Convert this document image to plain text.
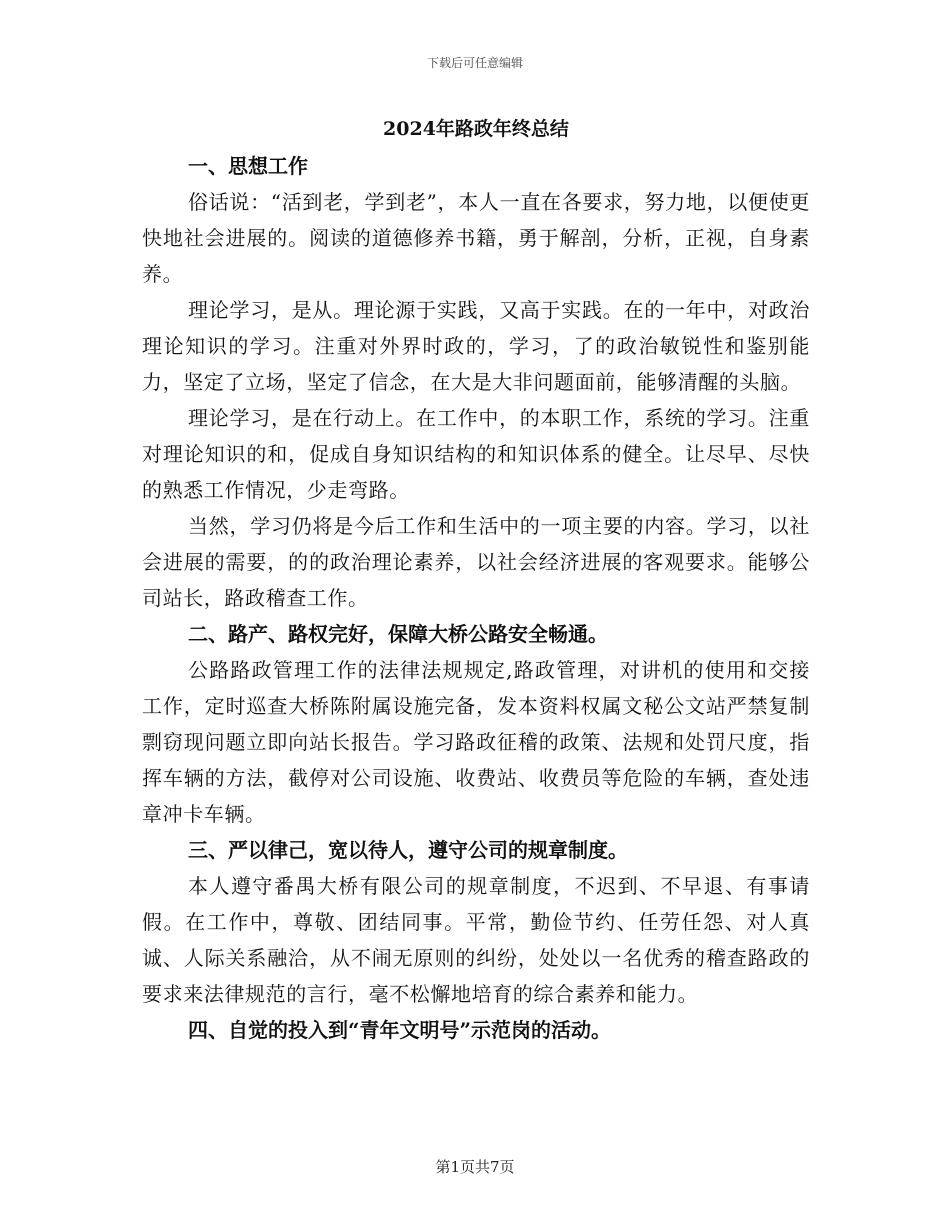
下载后可任意编辑
2024年路政年终总结
一、思想工作

俗话说：“活到老，学到老”，本人一直在各要求，努力地，以便使更快地社会进展的。阅读的道德修养书籍，勇于解剖，分析，正视，自身素养。

理论学习，是从。理论源于实践，又高于实践。在的一年中，对政治理论知识的学习。注重对外界时政的，学习，了的政治敏锐性和鉴别能力，坚定了立场，坚定了信念，在大是大非问题面前，能够清醒的头脑。

理论学习，是在行动上。在工作中，的本职工作，系统的学习。注重对理论知识的和，促成自身知识结构的和知识体系的健全。让尽早、尽快的熟悉工作情况，少走弯路。

当然，学习仍将是今后工作和生活中的一项主要的内容。学习，以社会进展的需要，的的政治理论素养，以社会经济进展的客观要求。能够公司站长，路政稽查工作。

二、路产、路权完好，保障大桥公路安全畅通。

公路路政管理工作的法律法规规定,路政管理，对讲机的使用和交接工作，定时巡查大桥陈附属设施完备，发本资料权属文秘公文站严禁复制剽窃现问题立即向站长报告。学习路政征稽的政策、法规和处罚尺度，指挥车辆的方法，截停对公司设施、收费站、收费员等危险的车辆，查处违章冲卡车辆。

三、严以律己，宽以待人，遵守公司的规章制度。

本人遵守番禺大桥有限公司的规章制度，不迟到、不早退、有事请假。在工作中，尊敬、团结同事。平常，勤俭节约、任劳任怨、对人真诚、人际关系融洽，从不闹无原则的纠纷，处处以一名优秀的稽查路政的要求来法律规范的言行，毫不松懈地培育的综合素养和能力。

四、自觉的投入到“青年文明号”示范岗的活动。
第1页共7页
